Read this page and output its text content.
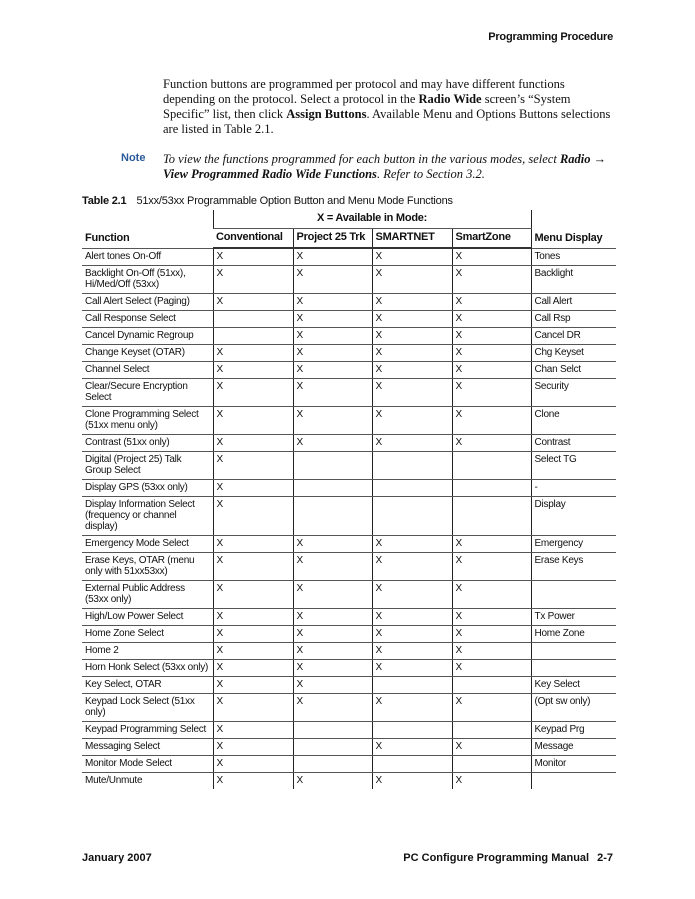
Programming Procedure

Function buttons are programmed per protocol and may have different functions depending on the protocol. Select a protocol in the Radio Wide screen’s “System Specific” list, then click Assign Buttons. Available Menu and Options Buttons selections are listed in Table 2.1.

Note To view the functions programmed for each button in the various modes, select Radio → View Programmed Radio Wide Functions. Refer to Section 3.2.

Table 2.1 51xx/53xx Programmable Option Button and Menu Mode Functions
Function	X = Available in Mode:				Menu Display
	Conventional	Project 25 Trk	SMARTNET	SmartZone	
Alert tones On-Off	X	X	X	X	Tones
Backlight On-Off (51xx), Hi/Med/Off (53xx)	X	X	X	X	Backlight
Call Alert Select (Paging)	X	X	X	X	Call Alert
Call Response Select		X	X	X	Call Rsp
Cancel Dynamic Regroup		X	X	X	Cancel DR
Change Keyset (OTAR)	X	X	X	X	Chg Keyset
Channel Select	X	X	X	X	Chan Selct
Clear/Secure Encryption Select	X	X	X	X	Security
Clone Programming Select (51xx menu only)	X	X	X	X	Clone
Contrast (51xx only)	X	X	X	X	Contrast
Digital (Project 25) Talk Group Select	X				Select TG
Display GPS (53xx only)	X				-
Display Information Select (frequency or channel display)	X				Display
Emergency Mode Select	X	X	X	X	Emergency
Erase Keys, OTAR (menu only with 51xx53xx)	X	X	X	X	Erase Keys
External Public Address (53xx only)	X	X	X	X	
High/Low Power Select	X	X	X	X	Tx Power
Home Zone Select	X	X	X	X	Home Zone
Home 2	X	X	X	X	
Horn Honk Select (53xx only)	X	X	X	X	
Key Select, OTAR	X	X			Key Select
Keypad Lock Select (51xx only)	X	X	X	X	(Opt sw only)
Keypad Programming Select	X				Keypad Prg
Messaging Select	X		X	X	Message
Monitor Mode Select	X				Monitor
Mute/Unmute	X	X	X	X	
January 2007	PC Configure Programming Manual 2-7
